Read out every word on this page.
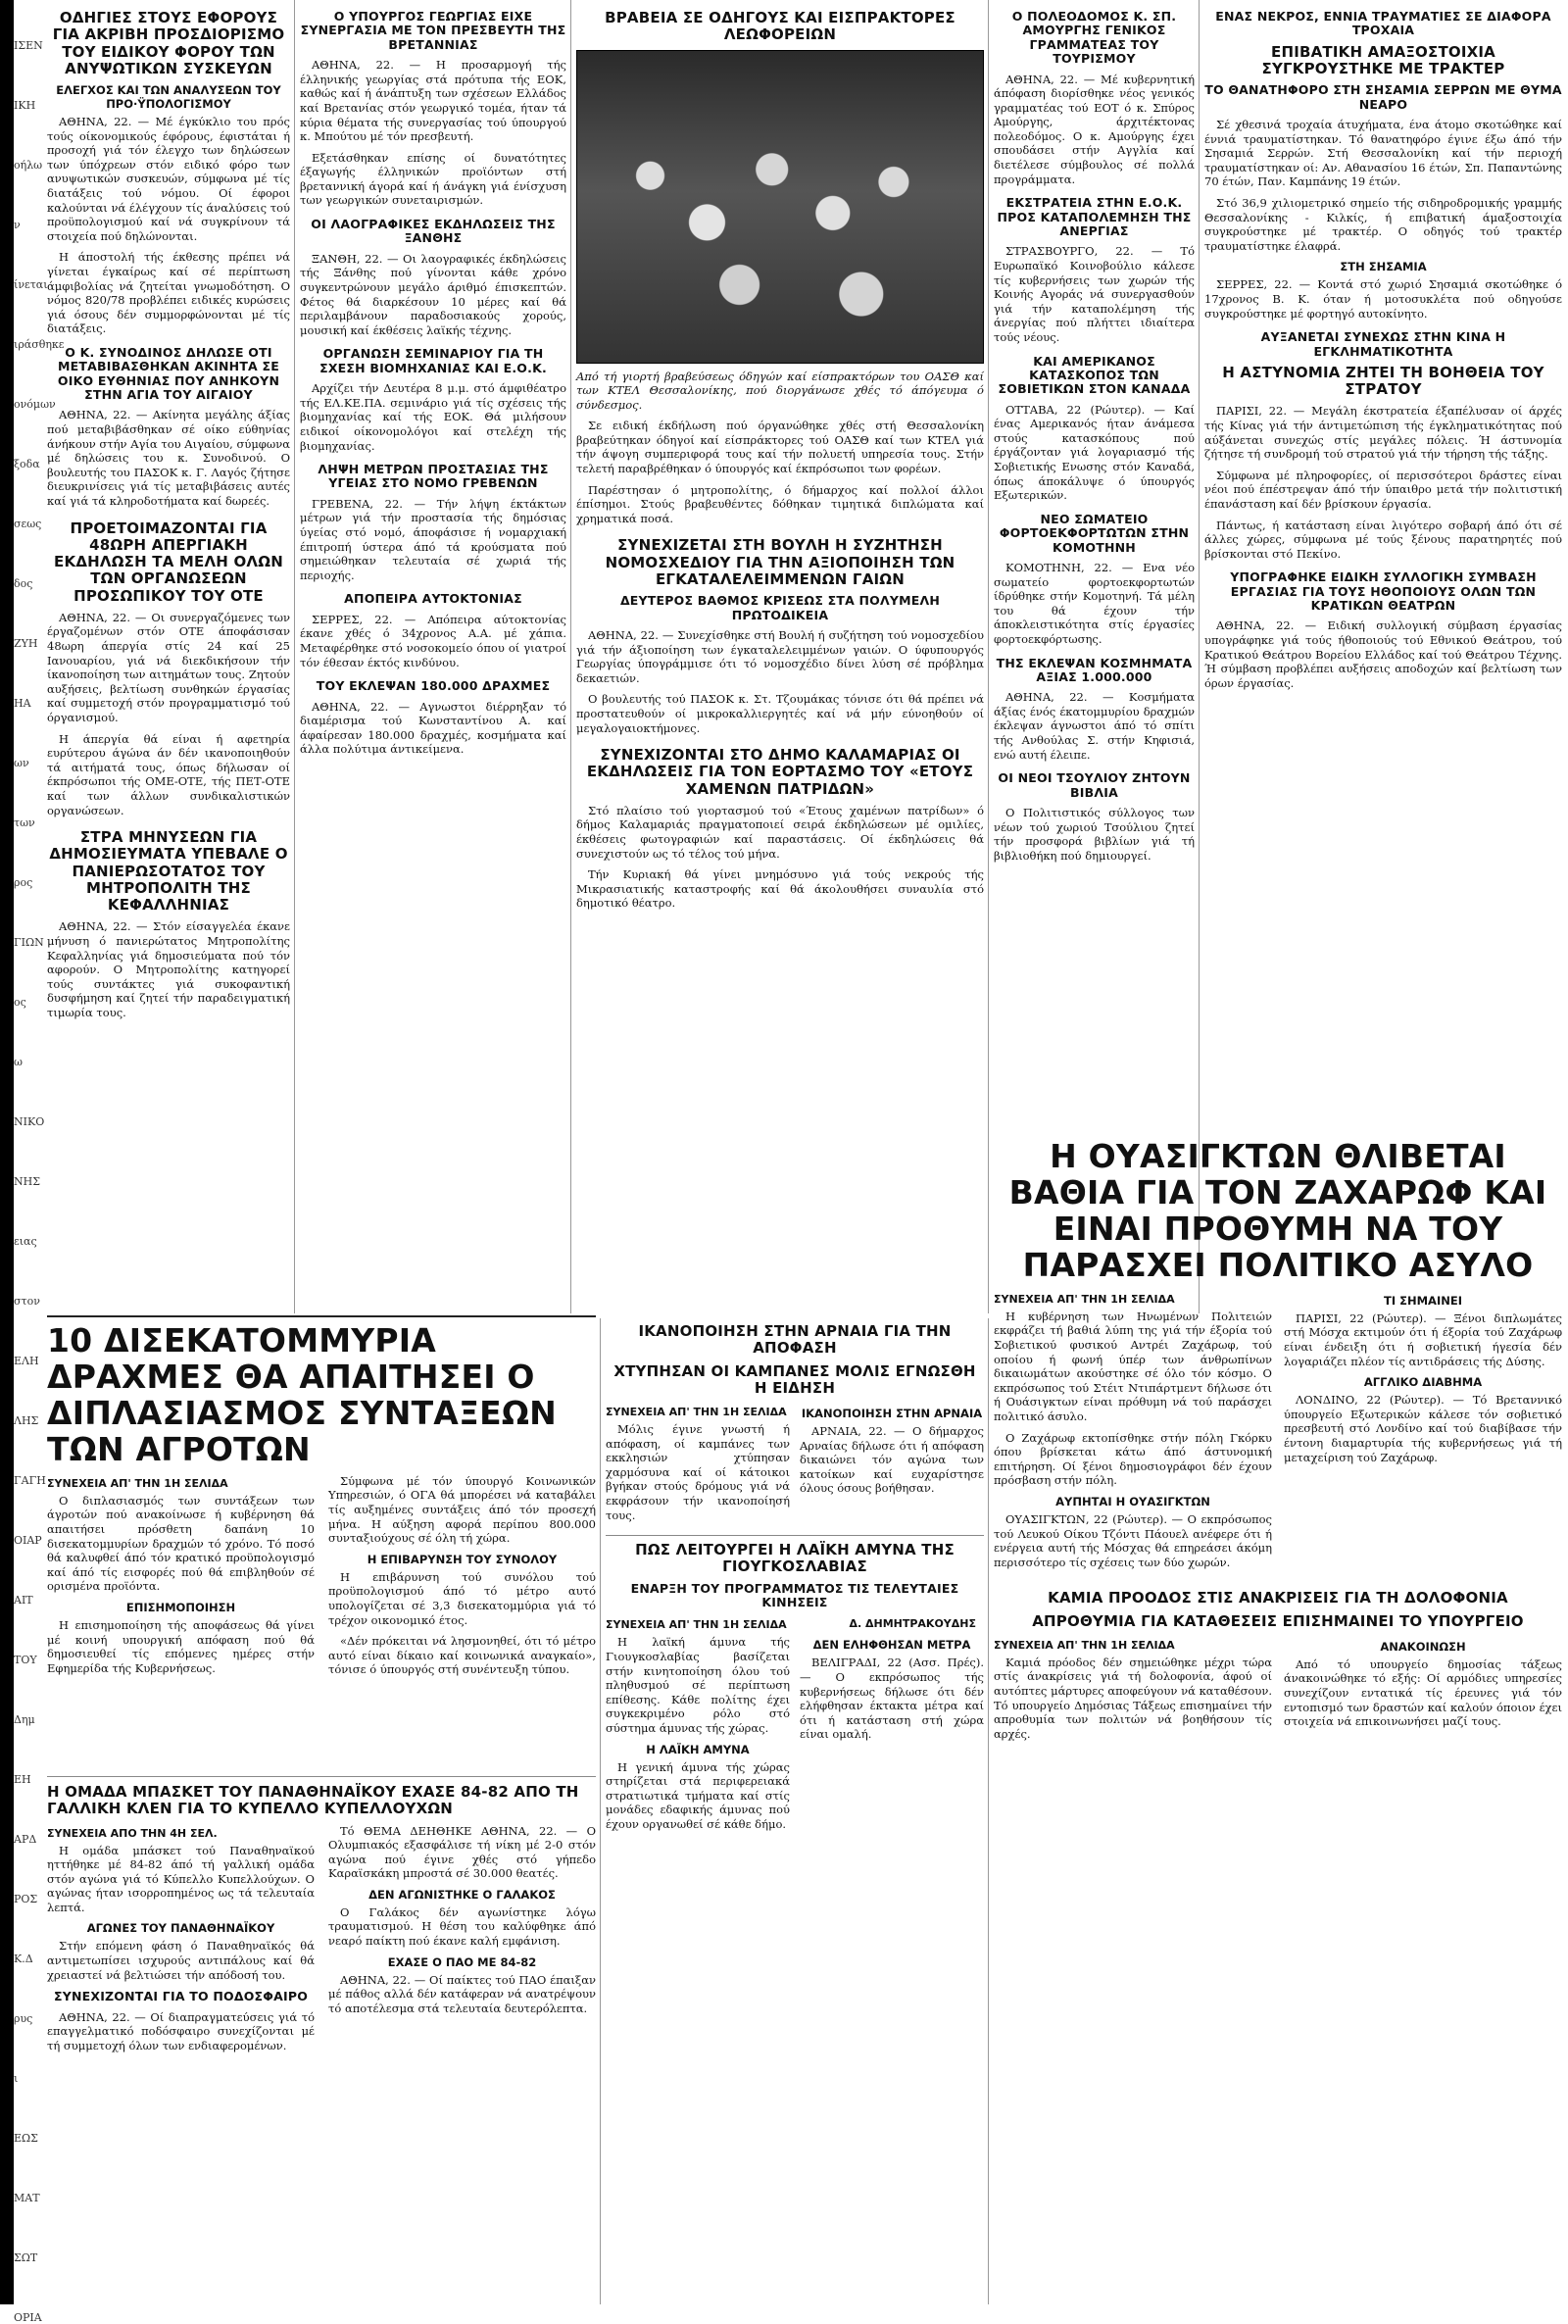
ΙΣΕΝ
ΙΚΗ
οήλω
ν
ίνεται
ιράσθηκε
ονόμων
ξοδα
σεως
δος
ΖΥΗ
ΗΑ
ων
των
ρος
ΓΙΩΝ
ος
ω
ΝΙΚΟ
ΝΗΣ
ειας
στον
ΕΛΗ
ΛΗΣ
ΓΑΓΗ
ΟΙΑΡ
ΑΙΤ
ΤΟΥ
Δημ
ΕΗ
ΑΡΔ
ΡΟΣ
Κ.Δ
ρυς
ι
ΕΩΣ
ΜΑΤ
ΣΩΤ
ΟΡΙΑ
ΟΔΗΓΙΕΣ ΣΤΟΥΣ ΕΦΟΡΟΥΣ ΓΙΑ ΑΚΡΙΒΗ ΠΡΟΣΔΙΟΡΙΣΜΟ ΤΟΥ ΕΙΔΙΚΟΥ ΦΟΡΟΥ ΤΩΝ ΑΝΥΨΩΤΙΚΩΝ ΣΥΣΚΕΥΩΝ
ΕΛΕΓΧΟΣ ΚΑΙ ΤΩΝ ΑΝΑΛΥΣΕΩΝ ΤΟΥ ΠΡΟ·ΫΠΟΛΟΓΙΣΜΟΥ

ΑΘΗΝΑ, 22. — Μέ έγκύκλιο του πρός τούς οίκονομικούς έφόρους, έφιστάται ή προσοχή γιά τόν έλεγχο των δηλώσεων των ύπόχρεων στόν ειδικό φόρο των ανυψωτικών συσκευών, σύμφωνα μέ τίς διατάξεις τού νόμου. Οί έφοροι καλούνται νά έλέγχουν τίς άναλύσεις τού προϋπολογισμού καί νά συγκρίνουν τά στοιχεία πού δηλώνονται.

Η άποστολή τής έκθεσης πρέπει νά γίνεται έγκαίρως καί σέ περίπτωση άμφιβολίας νά ζητείται γνωμοδότηση. Ο νόμος 820/78 προβλέπει ειδικές κυρώσεις γιά όσους δέν συμμορφώνονται μέ τίς διατάξεις.

Ο Κ. ΣΥΝΟΔΙΝΟΣ ΔΗΛΩΣΕ ΟΤΙ ΜΕΤΑΒΙΒΑΣΘΗΚΑΝ ΑΚΙΝΗΤΑ ΣΕ ΟΙΚΟ ΕΥΘΗΝΙΑΣ ΠΟΥ ΑΝΗΚΟΥΝ ΣΤΗΝ ΑΓΙΑ ΤΟΥ ΑΙΓΑΙΟΥ

ΑΘΗΝΑ, 22. — Ακίνητα μεγάλης άξίας πού μεταβιβάσθηκαν σέ οίκο εύθηνίας άνήκουν στήν Αγία του Αιγαίου, σύμφωνα μέ δηλώσεις του κ. Συνοδινού. Ο βουλευτής του ΠΑΣΟΚ κ. Γ. Λαγός ζήτησε διευκρινίσεις γιά τίς μεταβιβάσεις αυτές καί γιά τά κληροδοτήματα καί δωρεές.

ΠΡΟΕΤΟΙΜΑΖΟΝΤΑΙ ΓΙΑ 48ΩΡΗ ΑΠΕΡΓΙΑΚΗ ΕΚΔΗΛΩΣΗ ΤΑ ΜΕΛΗ ΟΛΩΝ ΤΩΝ ΟΡΓΑΝΩΣΕΩΝ ΠΡΟΣΩΠΙΚΟΥ ΤΟΥ ΟΤΕ

ΑΘΗΝΑ, 22. — Οι συνεργαζόμενες των έργαζομένων στόν ΟΤΕ άποφάσισαν 48ωρη άπεργία στίς 24 καί 25 Ιανουαρίου, γιά νά διεκδικήσουν τήν ίκανοποίηση των αιτημάτων τους. Ζητούν αυξήσεις, βελτίωση συνθηκών έργασίας καί συμμετοχή στόν προγραμματισμό τού όργανισμού.

Η άπεργία θά είναι ή αφετηρία ευρύτερου άγώνα άν δέν ικανοποιηθούν τά αιτήματά τους, όπως δήλωσαν οί έκπρόσωποι τής ΟΜΕ-ΟΤΕ, τής ΠΕΤ-ΟΤΕ καί των άλλων συνδικαλιστικών οργανώσεων.

ΣΤΡΑ ΜΗΝΥΣΕΩΝ ΓΙΑ ΔΗΜΟΣΙΕΥΜΑΤΑ ΥΠΕΒΑΛΕ Ο ΠΑΝΙΕΡΩΣΟΤΑΤΟΣ ΤΟΥ ΜΗΤΡΟΠΟΛΙΤΗ ΤΗΣ ΚΕΦΑΛΛΗΝΙΑΣ

ΑΘΗΝΑ, 22. — Στόν είσαγγελέα έκανε μήνυση ό πανιερώτατος Μητροπολίτης Κεφαλληνίας γιά δημοσιεύματα πού τόν αφορούν. Ο Μητροπολίτης κατηγορεί τούς συντάκτες γιά συκοφαντική δυσφήμηση καί ζητεί τήν παραδειγματική τιμωρία τους.

Ο ΥΠΟΥΡΓΟΣ ΓΕΩΡΓΙΑΣ ΕΙΧΕ ΣΥΝΕΡΓΑΣΙΑ ΜΕ ΤΟΝ ΠΡΕΣΒΕΥΤΗ ΤΗΣ ΒΡΕΤΑΝΝΙΑΣ

ΑΘΗΝΑ, 22. — Η προσαρμογή τής έλληνικής γεωργίας στά πρότυπα τής ΕΟΚ, καθώς καί ή άνάπτυξη των σχέσεων Ελλάδος καί Βρετανίας στόν γεωργικό τομέα, ήταν τά κύρια θέματα τής συνεργασίας τού ύπουργού κ. Μπούτου μέ τόν πρεσβευτή.

Εξετάσθηκαν επίσης οί δυνατότητες έξαγωγής έλληνικών προϊόντων στή βρεταννική άγορά καί ή άνάγκη γιά ένίσχυση των γεωργικών συνεταιρισμών.

ΟΙ ΛΑΟΓΡΑΦΙΚΕΣ ΕΚΔΗΛΩΣΕΙΣ ΤΗΣ ΞΑΝΘΗΣ

ΞΑΝΘΗ, 22. — Οι λαογραφικές έκδηλώσεις τής Ξάνθης πού γίνονται κάθε χρόνο συγκεντρώνουν μεγάλο άριθμό έπισκεπτών. Φέτος θά διαρκέσουν 10 μέρες καί θά περιλαμβάνουν παραδοσιακούς χορούς, μουσική καί έκθέσεις λαϊκής τέχνης.

ΟΡΓΑΝΩΣΗ ΣΕΜΙΝΑΡΙΟΥ ΓΙΑ ΤΗ ΣΧΕΣΗ ΒΙΟΜΗΧΑΝΙΑΣ ΚΑΙ Ε.Ο.Κ.

Αρχίζει τήν Δευτέρα 8 μ.μ. στό άμφιθέατρο τής ΕΛ.ΚΕ.ΠΑ. σεμινάριο γιά τίς σχέσεις τής βιομηχανίας καί τής ΕΟΚ. Θά μιλήσουν ειδικοί οίκονομολόγοι καί στελέχη τής βιομηχανίας.

ΛΗΨΗ ΜΕΤΡΩΝ ΠΡΟΣΤΑΣΙΑΣ ΤΗΣ ΥΓΕΙΑΣ ΣΤΟ ΝΟΜΟ ΓΡΕΒΕΝΩΝ

ΓΡΕΒΕΝΑ, 22. — Τήν λήψη έκτάκτων μέτρων γιά τήν προστασία τής δημόσιας ύγείας στό νομό, άποφάσισε ή νομαρχιακή έπιτροπή ύστερα άπό τά κρούσματα πού σημειώθηκαν τελευταία σέ χωριά τής περιοχής.

ΑΠΟΠΕΙΡΑ ΑΥΤΟΚΤΟΝΙΑΣ

ΣΕΡΡΕΣ, 22. — Απόπειρα αύτοκτονίας έκανε χθές ό 34χρονος Α.Α. μέ χάπια. Μεταφέρθηκε στό νοσοκομείο όπου οί γιατροί τόν έθεσαν έκτός κινδύνου.

ΤΟΥ ΕΚΛΕΨΑΝ 180.000 ΔΡΑΧΜΕΣ

ΑΘΗΝΑ, 22. — Αγνωστοι διέρρηξαν τό διαμέρισμα τού Κωνσταντίνου Α. καί άφαίρεσαν 180.000 δραχμές, κοσμήματα καί άλλα πολύτιμα άντικείμενα.

ΒΡΑΒΕΙΑ ΣΕ ΟΔΗΓΟΥΣ ΚΑΙ ΕΙΣΠΡΑΚΤΟΡΕΣ ΛΕΩΦΟΡΕΙΩΝ

Από τή γιορτή βραβεύσεως όδηγών καί είσπρακτόρων του ΟΑΣΘ καί των ΚΤΕΛ Θεσσαλονίκης, πού διοργάνωσε χθές τό άπόγευμα ό σύνδεσμος.

Σε ειδική έκδήλωση πού όργανώθηκε χθές στή Θεσσαλονίκη βραβεύτηκαν όδηγοί καί είσπράκτορες τού ΟΑΣΘ καί των ΚΤΕΛ γιά τήν άψογη συμπεριφορά τους καί τήν πολυετή υπηρεσία τους. Στήν τελετή παραβρέθηκαν ό ύπουργός καί έκπρόσωποι των φορέων.

Παρέστησαν ό μητροπολίτης, ό δήμαρχος καί πολλοί άλλοι έπίσημοι. Στούς βραβευθέντες δόθηκαν τιμητικά διπλώματα καί χρηματικά ποσά.

ΣΥΝΕΧΙΖΕΤΑΙ ΣΤΗ ΒΟΥΛΗ Η ΣΥΖΗΤΗΣΗ ΝΟΜΟΣΧΕΔΙΟΥ ΓΙΑ ΤΗΝ ΑΞΙΟΠΟΙΗΣΗ ΤΩΝ ΕΓΚΑΤΑΛΕΛΕΙΜΜΕΝΩΝ ΓΑΙΩΝ
ΔΕΥΤΕΡΟΣ ΒΑΘΜΟΣ ΚΡΙΣΕΩΣ ΣΤΑ ΠΟΛΥΜΕΛΗ ΠΡΩΤΟΔΙΚΕΙΑ

ΑΘΗΝΑ, 22. — Συνεχίσθηκε στή Βουλή ή συζήτηση τού νομοσχεδίου γιά τήν άξιοποίηση των έγκαταλελειμμένων γαιών. Ο ύφυπουργός Γεωργίας ύπογράμμισε ότι τό νομοσχέδιο δίνει λύση σέ πρόβλημα δεκαετιών.

Ο βουλευτής τού ΠΑΣΟΚ κ. Στ. Τζουμάκας τόνισε ότι θά πρέπει νά προστατευθούν οί μικροκαλλιεργητές καί νά μήν εύνοηθούν οί μεγαλογαιοκτήμονες.

ΣΥΝΕΧΙΖΟΝΤΑΙ ΣΤΟ ΔΗΜΟ ΚΑΛΑΜΑΡΙΑΣ ΟΙ ΕΚΔΗΛΩΣΕΙΣ ΓΙΑ ΤΟΝ ΕΟΡΤΑΣΜΟ ΤΟΥ «ΕΤΟΥΣ ΧΑΜΕΝΩΝ ΠΑΤΡΙΔΩΝ»

Στό πλαίσιο τού γιορτασμού τού «Έτους χαμένων πατρίδων» ό δήμος Καλαμαριάς πραγματοποιεί σειρά έκδηλώσεων μέ ομιλίες, έκθέσεις φωτογραφιών καί παραστάσεις. Οί έκδηλώσεις θά συνεχιστούν ως τό τέλος τού μήνα.

Τήν Κυριακή θά γίνει μνημόσυνο γιά τούς νεκρούς τής Μικρασιατικής καταστροφής καί θά άκολουθήσει συναυλία στό δημοτικό θέατρο.

Ο ΠΟΛΕΟΔΟΜΟΣ Κ. ΣΠ. ΑΜΟΥΡΓΗΣ ΓΕΝΙΚΟΣ ΓΡΑΜΜΑΤΕΑΣ ΤΟΥ ΤΟΥΡΙΣΜΟΥ

ΑΘΗΝΑ, 22. — Μέ κυβερνητική άπόφαση διορίσθηκε νέος γενικός γραμματέας τού ΕΟΤ ό κ. Σπύρος Αμούργης, άρχιτέκτονας πολεοδόμος. Ο κ. Αμούργης έχει σπουδάσει στήν Αγγλία καί διετέλεσε σύμβουλος σέ πολλά προγράμματα.

ΕΚΣΤΡΑΤΕΙΑ ΣΤΗΝ Ε.Ο.Κ. ΠΡΟΣ ΚΑΤΑΠΟΛΕΜΗΣΗ ΤΗΣ ΑΝΕΡΓΙΑΣ

ΣΤΡΑΣΒΟΥΡΓΟ, 22. — Τό Ευρωπαϊκό Κοινοβούλιο κάλεσε τίς κυβερνήσεις των χωρών τής Κοινής Αγοράς νά συνεργασθούν γιά τήν καταπολέμηση τής άνεργίας πού πλήττει ιδιαίτερα τούς νέους.

ΚΑΙ ΑΜΕΡΙΚΑΝΟΣ ΚΑΤΑΣΚΟΠΟΣ ΤΩΝ ΣΟΒΙΕΤΙΚΩΝ ΣΤΟΝ ΚΑΝΑΔΑ

ΟΤΤΑΒΑ, 22 (Ρώυτερ). — Καί ένας Αμερικανός ήταν άνάμεσα στούς κατασκόπους πού έργάζονταν γιά λογαριασμό τής Σοβιετικής Ενωσης στόν Καναδά, όπως άποκάλυψε ό ύπουργός Εξωτερικών.

ΝΕΟ ΣΩΜΑΤΕΙΟ ΦΟΡΤΟΕΚΦΟΡΤΩΤΩΝ ΣΤΗΝ ΚΟΜΟΤΗΝΗ

ΚΟΜΟΤΗΝΗ, 22. — Ενα νέο σωματείο φορτοεκφορτωτών ίδρύθηκε στήν Κομοτηνή. Τά μέλη του θά έχουν τήν άποκλειστικότητα στίς έργασίες φορτοεκφόρτωσης.

ΤΗΣ ΕΚΛΕΨΑΝ ΚΟΣΜΗΜΑΤΑ ΑΞΙΑΣ 1.000.000

ΑΘΗΝΑ, 22. — Κοσμήματα άξίας ένός έκατομμυρίου δραχμών έκλεψαν άγνωστοι άπό τό σπίτι τής Ανθούλας Σ. στήν Κηφισιά, ενώ αυτή έλειπε.

ΟΙ ΝΕΟΙ ΤΣΟΥΛΙΟΥ ΖΗΤΟΥΝ ΒΙΒΛΙΑ

Ο Πολιτιστικός σύλλογος των νέων τού χωριού Τσούλιου ζητεί τήν προσφορά βιβλίων γιά τή βιβλιοθήκη πού δημιουργεί.

ΕΝΑΣ ΝΕΚΡΟΣ, ΕΝΝΙΑ ΤΡΑΥΜΑΤΙΕΣ ΣΕ ΔΙΑΦΟΡΑ ΤΡΟΧΑΙΑ
ΕΠΙΒΑΤΙΚΗ ΑΜΑΞΟΣΤΟΙΧΙΑ ΣΥΓΚΡΟΥΣΤΗΚΕ ΜΕ ΤΡΑΚΤΕΡ
ΤΟ ΘΑΝΑΤΗΦΟΡΟ ΣΤΗ ΣΗΣΑΜΙΑ ΣΕΡΡΩΝ ΜΕ ΘΥΜΑ ΝΕΑΡΟ

Σέ χθεσινά τροχαία άτυχήματα, ένα άτομο σκοτώθηκε καί έννιά τραυματίστηκαν. Τό θανατηφόρο έγινε έξω άπό τήν Σησαμιά Σερρών. Στή Θεσσαλονίκη καί τήν περιοχή τραυματίστηκαν οί: Αν. Αθανασίου 16 έτών, Σπ. Παπαντώνης 70 έτών, Παν. Καμπάνης 19 έτών.

Στό 36,9 χιλιομετρικό σημείο τής σιδηροδρομικής γραμμής Θεσσαλονίκης - Κιλκίς, ή επιβατική άμαξοστοιχία συγκρούστηκε μέ τρακτέρ. Ο οδηγός τού τρακτέρ τραυματίστηκε έλαφρά.

ΣΤΗ ΣΗΣΑΜΙΑ

ΣΕΡΡΕΣ, 22. — Κοντά στό χωριό Σησαμιά σκοτώθηκε ό 17χρονος Β. Κ. όταν ή μοτοσυκλέτα πού οδηγούσε συγκρούστηκε μέ φορτηγό αυτοκίνητο.

ΑΥΞΑΝΕΤΑΙ ΣΥΝΕΧΩΣ ΣΤΗΝ ΚΙΝΑ Η ΕΓΚΛΗΜΑΤΙΚΟΤΗΤΑ
Η ΑΣΤΥΝΟΜΙΑ ΖΗΤΕΙ ΤΗ ΒΟΗΘΕΙΑ ΤΟΥ ΣΤΡΑΤΟΥ

ΠΑΡΙΣΙ, 22. — Μεγάλη έκστρατεία έξαπέλυσαν οί άρχές τής Κίνας γιά τήν άντιμετώπιση τής έγκληματικότητας πού αύξάνεται συνεχώς στίς μεγάλες πόλεις. Ή άστυνομία ζήτησε τή συνδρομή τού στρατού γιά τήν τήρηση τής τάξης.

Σύμφωνα μέ πληροφορίες, οί περισσότεροι δράστες είναι νέοι πού έπέστρεψαν άπό τήν ύπαιθρο μετά τήν πολιτιστική έπανάσταση καί δέν βρίσκουν έργασία.

Πάντως, ή κατάσταση είναι λιγότερο σοβαρή άπό ότι σέ άλλες χώρες, σύμφωνα μέ τούς ξένους παρατηρητές πού βρίσκονται στό Πεκίνο.

ΥΠΟΓΡΑΦΗΚΕ ΕΙΔΙΚΗ ΣΥΛΛΟΓΙΚΗ ΣΥΜΒΑΣΗ ΕΡΓΑΣΙΑΣ ΓΙΑ ΤΟΥΣ ΗΘΟΠΟΙΟΥΣ ΟΛΩΝ ΤΩΝ ΚΡΑΤΙΚΩΝ ΘΕΑΤΡΩΝ

ΑΘΗΝΑ, 22. — Ειδική συλλογική σύμβαση έργασίας υπογράφηκε γιά τούς ήθοποιούς τού Εθνικού Θεάτρου, τού Κρατικού Θεάτρου Βορείου Ελλάδος καί τού Θεάτρου Τέχνης. Ή σύμβαση προβλέπει αυξήσεις αποδοχών καί βελτίωση των όρων έργασίας.

Η ΟΥΑΣΙΓΚΤΩΝ ΘΛΙΒΕΤΑΙ ΒΑΘΙΑ ΓΙΑ ΤΟΝ ΖΑΧΑΡΩΦ ΚΑΙ ΕΙΝΑΙ ΠΡΟΘΥΜΗ ΝΑ ΤΟΥ ΠΑΡΑΣΧΕΙ ΠΟΛΙΤΙΚΟ ΑΣΥΛΟ
ΣΥΝΕΧΕΙΑ ΑΠ' ΤΗΝ 1Η ΣΕΛΙΔΑ

Η κυβέρνηση των Ηνωμένων Πολιτειών εκφράζει τή βαθιά λύπη της γιά τήν έξορία τού Σοβιετικού φυσικού Αντρέι Ζαχάρωφ, τού οποίου ή φωνή ύπέρ των άνθρωπίνων δικαιωμάτων ακούστηκε σέ όλο τόν κόσμο. Ο εκπρόσωπος τού Στέιτ Ντιπάρτμεντ δήλωσε ότι ή Ουάσιγκτων είναι πρόθυμη νά τού παράσχει πολιτικό άσυλο.

Ο Ζαχάρωφ εκτοπίσθηκε στήν πόλη Γκόρκυ όπου βρίσκεται κάτω άπό άστυνομική επιτήρηση. Οί ξένοι δημοσιογράφοι δέν έχουν πρόσβαση στήν πόλη.

ΑΥΠΗΤΑΙ Η ΟΥΑΣΙΓΚΤΩΝ

ΟΥΑΣΙΓΚΤΩΝ, 22 (Ρώυτερ). — Ο εκπρόσωπος τού Λευκού Οίκου Τζόντι Πάουελ ανέφερε ότι ή ενέργεια αυτή τής Μόσχας θά επηρεάσει άκόμη περισσότερο τίς σχέσεις των δύο χωρών.

ΤΙ ΣΗΜΑΙΝΕΙ

ΠΑΡΙΣΙ, 22 (Ρώυτερ). — Ξένοι διπλωμάτες στή Μόσχα εκτιμούν ότι ή έξορία τού Ζαχάρωφ είναι ένδειξη ότι ή σοβιετική ήγεσία δέν λογαριάζει πλέον τίς αντιδράσεις τής Δύσης.

ΑΓΓΛΙΚΟ ΔΙΑΒΗΜΑ

ΛΟΝΔΙΝΟ, 22 (Ρώυτερ). — Τό Βρεταννικό ύπουργείο Εξωτερικών κάλεσε τόν σοβιετικό πρεσβευτή στό Λονδίνο καί τού διαβίβασε τήν έντονη διαμαρτυρία τής κυβερνήσεως γιά τή μεταχείριση τού Ζαχάρωφ.

ΚΑΜΙΑ ΠΡΟΟΔΟΣ ΣΤΙΣ ΑΝΑΚΡΙΣΕΙΣ ΓΙΑ ΤΗ ΔΟΛΟΦΟΝΙΑ
ΑΠΡΟΘΥΜΙΑ ΓΙΑ ΚΑΤΑΘΕΣΕΙΣ ΕΠΙΣΗΜΑΙΝΕΙ ΤΟ ΥΠΟΥΡΓΕΙΟ
ΣΥΝΕΧΕΙΑ ΑΠ' ΤΗΝ 1Η ΣΕΛΙΔΑ

Καμιά πρόοδος δέν σημειώθηκε μέχρι τώρα στίς άνακρίσεις γιά τή δολοφονία, άφού οί αυτόπτες μάρτυρες αποφεύγουν νά καταθέσουν. Τό υπουργείο Δημόσιας Τάξεως επισημαίνει τήν απροθυμία των πολιτών νά βοηθήσουν τίς αρχές.

ΑΝΑΚΟΙΝΩΣΗ

Από τό υπουργείο δημοσίας τάξεως άνακοινώθηκε τό εξής: Οί αρμόδιες υπηρεσίες συνεχίζουν εντατικά τίς έρευνες γιά τόν εντοπισμό των δραστών καί καλούν όποιον έχει στοιχεία νά επικοινωνήσει μαζί τους.

10 ΔΙΣΕΚΑΤΟΜΜΥΡΙΑ ΔΡΑΧΜΕΣ ΘΑ ΑΠΑΙΤΗΣΕΙ Ο ΔΙΠΛΑΣΙΑΣΜΟΣ ΣΥΝΤΑΞΕΩΝ ΤΩΝ ΑΓΡΟΤΩΝ
ΣΥΝΕΧΕΙΑ ΑΠ' ΤΗΝ 1Η ΣΕΛΙΔΑ

Ο διπλασιασμός των συντάξεων των άγροτών πού ανακοίνωσε ή κυβέρνηση θά απαιτήσει πρόσθετη δαπάνη 10 δισεκατομμυρίων δραχμών τό χρόνο. Τό ποσό θά καλυφθεί άπό τόν κρατικό προϋπολογισμό καί άπό τίς εισφορές πού θά επιβληθούν σέ ορισμένα προϊόντα.

ΕΠΙΣΗΜΟΠΟΙΗΣΗ

Η επισημοποίηση τής αποφάσεως θά γίνει μέ κοινή υπουργική απόφαση πού θά δημοσιευθεί τίς επόμενες ημέρες στήν Εφημερίδα τής Κυβερνήσεως.

Σύμφωνα μέ τόν ύπουργό Κοινωνικών Υπηρεσιών, ό ΟΓΑ θά μπορέσει νά καταβάλει τίς αυξημένες συντάξεις άπό τόν προσεχή μήνα. Η αύξηση αφορά περίπου 800.000 συνταξιούχους σέ όλη τή χώρα.

Η ΕΠΙΒΑΡΥΝΣΗ ΤΟΥ ΣΥΝΟΛΟΥ

Η επιβάρυνση τού συνόλου τού προϋπολογισμού άπό τό μέτρο αυτό υπολογίζεται σέ 3,3 δισεκατομμύρια γιά τό τρέχον οικονομικό έτος.

«Δέν πρόκειται νά λησμονηθεί, ότι τό μέτρο αυτό είναι δίκαιο καί κοινωνικά αναγκαίο», τόνισε ό ύπουργός στή συνέντευξη τύπου.

Η ΟΜΑΔΑ ΜΠΑΣΚΕΤ ΤΟΥ ΠΑΝΑΘΗΝΑΪΚΟΥ ΕΧΑΣΕ 84-82 ΑΠΟ ΤΗ ΓΑΛΛΙΚΗ ΚΛΕΝ ΓΙΑ ΤΟ ΚΥΠΕΛΛΟ ΚΥΠΕΛΛΟΥΧΩΝ
ΣΥΝΕΧΕΙΑ ΑΠΟ ΤΗΝ 4Η ΣΕΛ.

Η ομάδα μπάσκετ τού Παναθηναϊκού ηττήθηκε μέ 84-82 άπό τή γαλλική ομάδα στόν αγώνα γιά τό Κύπελλο Κυπελλούχων. Ο αγώνας ήταν ισορροπημένος ως τά τελευταία λεπτά.

ΑΓΩΝΕΣ ΤΟΥ ΠΑΝΑΘΗΝΑΪΚΟΥ

Στήν επόμενη φάση ό Παναθηναϊκός θά αντιμετωπίσει ισχυρούς αντιπάλους καί θά χρειαστεί νά βελτιώσει τήν απόδοσή του.

ΣΥΝΕΧΙΖΟΝΤΑΙ ΓΙΑ ΤΟ ΠΟΔΟΣΦΑΙΡΟ

ΑΘΗΝΑ, 22. — Οί διαπραγματεύσεις γιά τό επαγγελματικό ποδόσφαιρο συνεχίζονται μέ τή συμμετοχή όλων των ενδιαφερομένων.

Τό ΘΕΜΑ ΔΕΗΘΗΚΕ ΑΘΗΝΑ, 22. — Ο Ολυμπιακός εξασφάλισε τή νίκη μέ 2-0 στόν αγώνα πού έγινε χθές στό γήπεδο Καραϊσκάκη μπροστά σέ 30.000 θεατές.

ΔΕΝ ΑΓΩΝΙΣΤΗΚΕ Ο ΓΑΛΑΚΟΣ

Ο Γαλάκος δέν αγωνίστηκε λόγω τραυματισμού. Η θέση του καλύφθηκε άπό νεαρό παίκτη πού έκανε καλή εμφάνιση.

ΕΧΑΣΕ Ο ΠΑΟ ΜΕ 84-82

ΑΘΗΝΑ, 22. — Οί παίκτες τού ΠΑΟ έπαιξαν μέ πάθος αλλά δέν κατάφεραν νά ανατρέψουν τό αποτέλεσμα στά τελευταία δευτερόλεπτα.

ΙΚΑΝΟΠΟΙΗΣΗ ΣΤΗΝ ΑΡΝΑΙΑ ΓΙΑ ΤΗΝ ΑΠΟΦΑΣΗ
ΧΤΥΠΗΣΑΝ ΟΙ ΚΑΜΠΑΝΕΣ ΜΟΛΙΣ ΕΓΝΩΣΘΗ Η ΕΙΔΗΣΗ
ΣΥΝΕΧΕΙΑ ΑΠ' ΤΗΝ 1Η ΣΕΛΙΔΑ

Μόλις έγινε γνωστή ή απόφαση, οί καμπάνες των εκκλησιών χτύπησαν χαρμόσυνα καί οί κάτοικοι βγήκαν στούς δρόμους γιά νά εκφράσουν τήν ικανοποίησή τους.

ΙΚΑΝΟΠΟΙΗΣΗ ΣΤΗΝ ΑΡΝΑΙΑ

ΑΡΝΑΙΑ, 22. — Ο δήμαρχος Αρναίας δήλωσε ότι ή απόφαση δικαιώνει τόν αγώνα των κατοίκων καί ευχαρίστησε όλους όσους βοήθησαν.

ΠΩΣ ΛΕΙΤΟΥΡΓΕΙ Η ΛΑΪΚΗ ΑΜΥΝΑ ΤΗΣ ΓΙΟΥΓΚΟΣΛΑΒΙΑΣ
ΕΝΑΡΞΗ ΤΟΥ ΠΡΟΓΡΑΜΜΑΤΟΣ ΤΙΣ ΤΕΛΕΥΤΑΙΕΣ ΚΙΝΗΣΕΙΣ
ΣΥΝΕΧΕΙΑ ΑΠ' ΤΗΝ 1Η ΣΕΛΙΔΑ

Η λαϊκή άμυνα τής Γιουγκοσλαβίας βασίζεται στήν κινητοποίηση όλου τού πληθυσμού σέ περίπτωση επίθεσης. Κάθε πολίτης έχει συγκεκριμένο ρόλο στό σύστημα άμυνας τής χώρας.

Η ΛΑΪΚΗ ΑΜΥΝΑ

Η γενική άμυνα τής χώρας στηρίζεται στά περιφερειακά στρατιωτικά τμήματα καί στίς μονάδες εδαφικής άμυνας πού έχουν οργανωθεί σέ κάθε δήμο.

Δ. ΔΗΜΗΤΡΑΚΟΥΔΗΣ
ΔΕΝ ΕΛΗΦΘΗΣΑΝ ΜΕΤΡΑ

ΒΕΛΙΓΡΑΔΙ, 22 (Ασσ. Πρές). — Ο εκπρόσωπος τής κυβερνήσεως δήλωσε ότι δέν ελήφθησαν έκτακτα μέτρα καί ότι ή κατάσταση στή χώρα είναι ομαλή.
